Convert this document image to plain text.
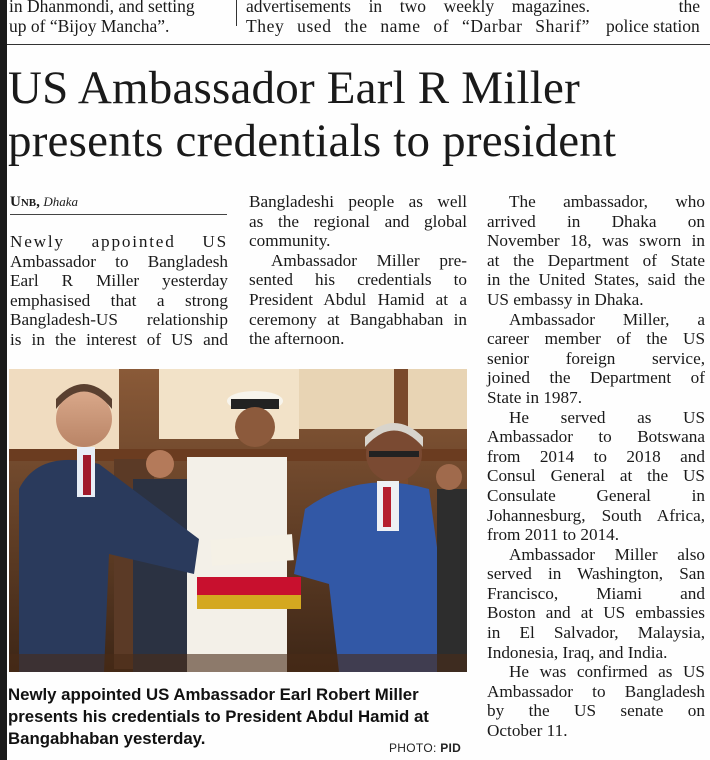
in Dhanmondi, and setting
up of “Bijoy Mancha”.
advertisements in two weekly magazines.
They used the name of “Darbar Sharif”
the
police station
US Ambassador Earl R Miller
presents credentials to president
Unb, Dhaka
Newly appointed US
Ambassador to Bangladesh
Earl R Miller yesterday
emphasised that a strong
Bangladesh-US relationship
is in the interest of US and
Bangladeshi people as well
as the regional and global
community.
Ambassador Miller pre-
sented his credentials to
President Abdul Hamid at a
ceremony at Bangabhaban in
the afternoon.
The ambassador, who
arrived in Dhaka on
November 18, was sworn in
at the Department of State
in the United States, said the
US embassy in Dhaka.
Ambassador Miller, a
career member of the US
senior foreign service,
joined the Department of
State in 1987.
He served as US
Ambassador to Botswana
from 2014 to 2018 and
Consul General at the US
Consulate General in
Johannesburg, South Africa,
from 2011 to 2014.
Ambassador Miller also
served in Washington, San
Francisco, Miami and
Boston and at US embassies
in El Salvador, Malaysia,
Indonesia, Iraq, and India.
He was confirmed as US
Ambassador to Bangladesh
by the US senate on
October 11.
Newly appointed US Ambassador Earl Robert Miller
presents his credentials to President Abdul Hamid at
Bangabhaban yesterday.	PHOTO: PID
